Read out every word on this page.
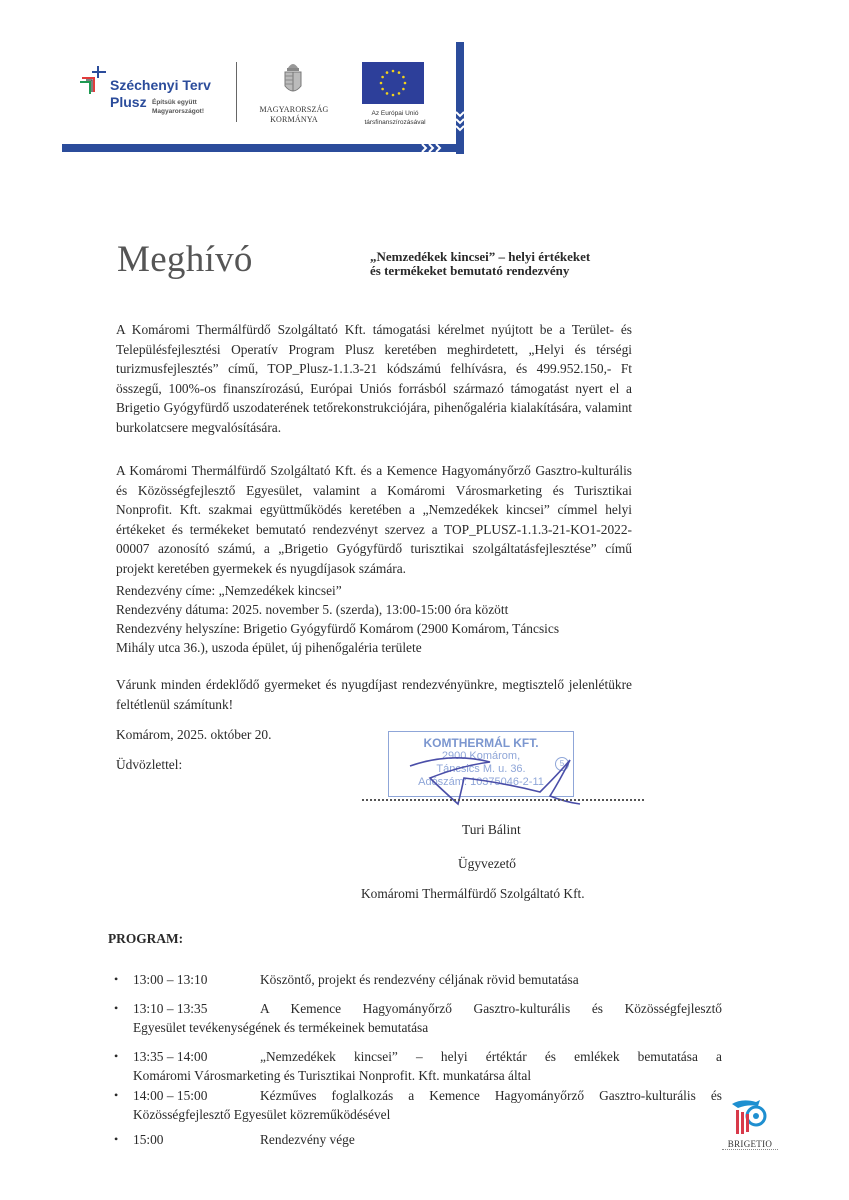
Széchenyi Terv
Plusz Építsük együtt
Magyarországot!	MAGYARORSZÁG
KORMÁNYA
Az Európai Unió
társfinanszírozásával
Meghívó	„Nemzedékek kincsei” – helyi értékeket
és termékeket bemutató rendezvény
A Komáromi Thermálfürdő Szolgáltató Kft. támogatási kérelmet nyújtott be a Terület- és Településfejlesztési Operatív Program Plusz keretében meghirdetett, „Helyi és térségi turizmusfejlesztés” című, TOP_Plusz-1.1.3-21 kódszámú felhívásra, és 499.952.150,- Ft összegű, 100%-os finanszírozású, Európai Uniós forrásból származó támogatást nyert el a Brigetio Gyógyfürdő uszodaterének tetőrekonstrukciójára, pihenőgaléria kialakítására, valamint burkolatcsere megvalósítására.
A Komáromi Thermálfürdő Szolgáltató Kft. és a Kemence Hagyományőrző Gasztro-kulturális és Közösségfejlesztő Egyesület, valamint a Komáromi Városmarketing és Turisztikai Nonprofit. Kft. szakmai együttműködés keretében a „Nemzedékek kincsei” címmel helyi értékeket és termékeket bemutató rendezvényt szervez a TOP_PLUSZ-1.1.3-21-KO1-2022-00007 azonosító számú, a „Brigetio Gyógyfürdő turisztikai szolgáltatásfejlesztése” című projekt keretében gyermekek és nyugdíjasok számára.
Rendezvény címe: „Nemzedékek kincsei”
Rendezvény dátuma: 2025. november 5. (szerda), 13:00-15:00 óra között
Rendezvény helyszíne: Brigetio Gyógyfürdő Komárom (2900 Komárom, Táncsics
Mihály utca 36.), uszoda épület, új pihenőgaléria területe
Várunk minden érdeklődő gyermeket és nyugdíjast rendezvényünkre, megtisztelő jelenlétükre feltétlenül számítunk!
Komárom, 2025. október 20.
Üdvözlettel:
KOMTHERMÁL KFT.
2900 Komárom,
Táncsics M. u. 36.
Adószám: 10375046-2-11
5
Turi Bálint
Ügyvezető
Komáromi Thermálfürdő Szolgáltató Kft.
PROGRAM:
• 13:00 – 13:10	Köszöntő, projekt és rendezvény céljának rövid bemutatása
• 13:10 – 13:35	A Kemence Hagyományőrző Gasztro-kulturális és Közösségfejlesztő
Egyesület tevékenységének és termékeinek bemutatása
• 13:35 – 14:00	„Nemzedékek kincsei” – helyi értéktár és emlékek bemutatása a
Komáromi Városmarketing és Turisztikai Nonprofit. Kft. munkatársa által
• 14:00 – 15:00	Kézműves foglalkozás a Kemence Hagyományőrző Gasztro-kulturális és
Közösségfejlesztő Egyesület közreműködésével
• 15:00	Rendezvény vége	BRIGETIO
